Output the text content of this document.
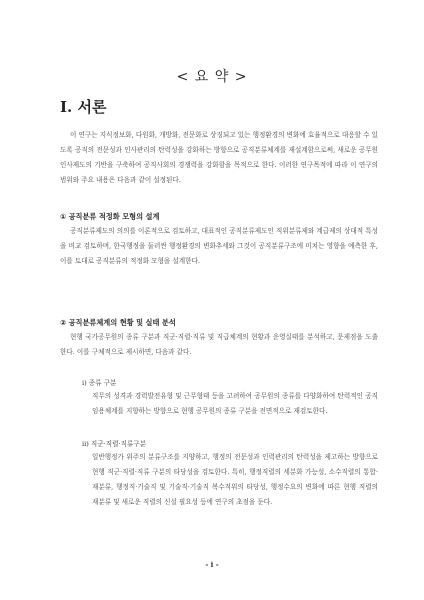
< 요 약 >
I. 서론

이 연구는 지식정보화, 다원화, 개방화, 전문화로 상징되고 있는 행정환경의 변화에 효율적으로 대응할 수 있도록 공직의 전문성과 인사관리의 탄력성을 강화하는 방향으로 공직분류체계를 재설계함으로써, 새로운 공무원 인사제도의 기반을 구축하여 공직사회의 경쟁력을 강화함을 목적으로 한다. 이러한 연구목적에 따라 이 연구의 범위와 주요 내용은 다음과 같이 설정된다.

① 공직분류 적정화 모형의 설계

공직분류제도의 의의를 이론적으로 검토하고, 대표적인 공직분류제도인 직위분류제와 계급제의 상대적 특성을 비교 검토하며, 한국행정을 둘러싼 행정환경의 변화추세와 그것이 공직분류구조에 미치는 영향을 예측한 후, 이를 토대로 공직분류의 적정화 모형을 설계한다.

② 공직분류체계의 현황 및 실태 분석

현행 국가공무원의 종류 구분과 직군·직렬·직류 및 직급체계의 현황과 운영실태를 분석하고, 문제점을 도출한다. 이를 구체적으로 제시하면, 다음과 같다.

i) 종류 구분

직무의 성격과 경력발전유형 및 근무형태 등을 고려하여 공무원의 종류를 다양화하여 탄력적인 공직임용체계를 지향하는 방향으로 현행 공무원의 종류 구분을 전면적으로 재검토한다.

ii) 직군·직렬·직류구분

일반행정가 위주의 분류구조를 지양하고, 행정의 전문성과 인력관리의 탄력성을 제고하는 방향으로 현행 직군·직렬·직류 구분의 타당성을 검토한다. 특히, 행정직렬의 세분화 가능성, 소수직렬의 통합·재분류, 행정직·기술직 및 기술직·기술직 복수직위의 타당성, 행정수요의 변화에 따른 현행 직렬의 재분류 및 새로운 직렬의 신설 필요성 등에 연구의 초점을 둔다.

- i -
